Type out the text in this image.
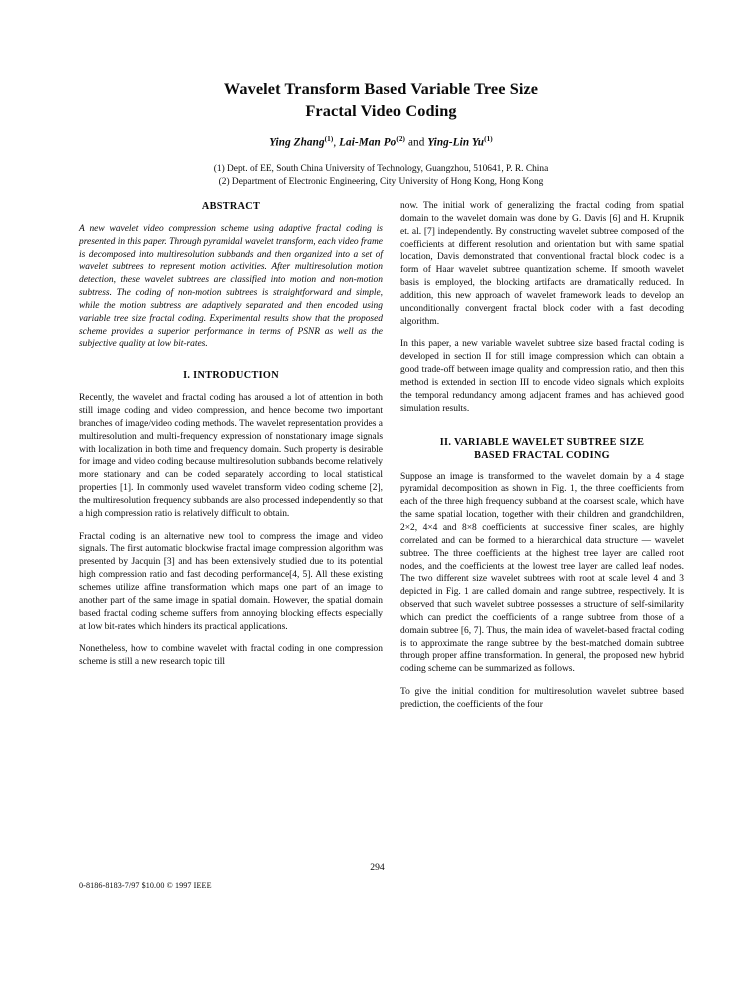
Wavelet Transform Based Variable Tree Size
Fractal Video Coding
Ying Zhang$^{(1)}$, Lai-Man Po$^{(2)}$ and Ying-Lin Yu$^{(1)}$
(1) Dept. of EE, South China University of Technology, Guangzhou, 510641, P. R. China
(2) Department of Electronic Engineering, City University of Hong Kong, Hong Kong
ABSTRACT

A new wavelet video compression scheme using adaptive fractal coding is presented in this paper. Through pyramidal wavelet transform, each video frame is decomposed into multiresolution subbands and then organized into a set of wavelet subtrees to represent motion activities. After multiresolution motion detection, these wavelet subtrees are classified into motion and non-motion subtress. The coding of non-motion subtrees is straightforward and simple, while the motion subtress are adaptively separated and then encoded using variable tree size fractal coding. Experimental results show that the proposed scheme provides a superior performance in terms of PSNR as well as the subjective quality at low bit-rates.

I. INTRODUCTION

Recently, the wavelet and fractal coding has aroused a lot of attention in both still image coding and video compression, and hence become two important branches of image/video coding methods. The wavelet representation provides a multiresolution and multi-frequency expression of nonstationary image signals with localization in both time and frequency domain. Such property is desirable for image and video coding because multiresolution subbands become relatively more stationary and can be coded separately according to local statistical properties [1]. In commonly used wavelet transform video coding scheme [2], the multiresolution frequency subbands are also processed independently so that a high compression ratio is relatively difficult to obtain.

Fractal coding is an alternative new tool to compress the image and video signals. The first automatic blockwise fractal image compression algorithm was presented by Jacquin [3] and has been extensively studied due to its potential high compression ratio and fast decoding performance[4, 5]. All these existing schemes utilize affine transformation which maps one part of an image to another part of the same image in spatial domain. However, the spatial domain based fractal coding scheme suffers from annoying blocking effects especially at low bit-rates which hinders its practical applications.

Nonetheless, how to combine wavelet with fractal coding in one compression scheme is still a new research topic till

now. The initial work of generalizing the fractal coding from spatial domain to the wavelet domain was done by G. Davis [6] and H. Krupnik et. al. [7] independently. By constructing wavelet subtree composed of the coefficients at different resolution and orientation but with same spatial location, Davis demonstrated that conventional fractal block codec is a form of Haar wavelet subtree quantization scheme. If smooth wavelet basis is employed, the blocking artifacts are dramatically reduced. In addition, this new approach of wavelet framework leads to develop an unconditionally convergent fractal block coder with a fast decoding algorithm.

In this paper, a new variable wavelet subtree size based fractal coding is developed in section II for still image compression which can obtain a good trade-off between image quality and compression ratio, and then this method is extended in section III to encode video signals which exploits the temporal redundancy among adjacent frames and has achieved good simulation results.

II. VARIABLE WAVELET SUBTREE SIZE
BASED FRACTAL CODING

Suppose an image is transformed to the wavelet domain by a 4 stage pyramidal decomposition as shown in Fig. 1, the three coefficients from each of the three high frequency subband at the coarsest scale, which have the same spatial location, together with their children and grandchildren, 2×2, 4×4 and 8×8 coefficients at successive finer scales, are highly correlated and can be formed to a hierarchical data structure — wavelet subtree. The three coefficients at the highest tree layer are called root nodes, and the coefficients at the lowest tree layer are called leaf nodes. The two different size wavelet subtrees with root at scale level 4 and 3 depicted in Fig. 1 are called domain and range subtree, respectively. It is observed that such wavelet subtree possesses a structure of self-similarity which can predict the coefficients of a range subtree from those of a domain subtree [6, 7]. Thus, the main idea of wavelet-based fractal coding is to approximate the range subtree by the best-matched domain subtree through proper affine transformation. In general, the proposed new hybrid coding scheme can be summarized as follows.

To give the initial condition for multiresolution wavelet subtree based prediction, the coefficients of the four

294
0-8186-8183-7/97 $10.00 © 1997 IEEE
